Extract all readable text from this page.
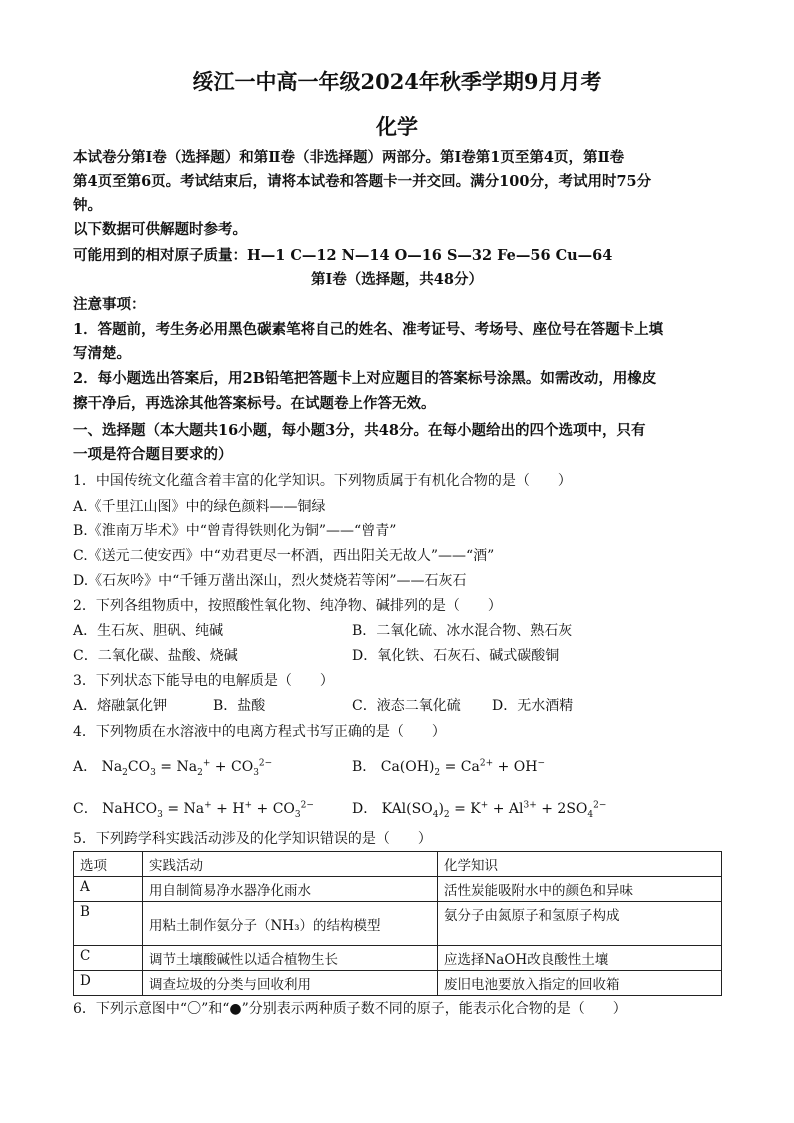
绥江一中高一年级2024年秋季学期9月月考
化学
本试卷分第Ⅰ卷（选择题）和第Ⅱ卷（非选择题）两部分。第Ⅰ卷第1页至第4页，第Ⅱ卷
第4页至第6页。考试结束后，请将本试卷和答题卡一并交回。满分100分，考试用时75分
钟。
以下数据可供解题时参考。
可能用到的相对原子质量：H—1 C—12 N—14 O—16 S—32 Fe—56 Cu—64
第Ⅰ卷（选择题，共48分）
注意事项：
1．答题前，考生务必用黑色碳素笔将自己的姓名、准考证号、考场号、座位号在答题卡上填
写清楚。
2．每小题选出答案后，用2B铅笔把答题卡上对应题目的答案标号涂黑。如需改动，用橡皮
擦干净后，再选涂其他答案标号。在试题卷上作答无效。
一、选择题（本大题共16小题，每小题3分，共48分。在每小题给出的四个选项中，只有
一项是符合题目要求的）
1．中国传统文化蕴含着丰富的化学知识。下列物质属于有机化合物的是（　　）
A.《千里江山图》中的绿色颜料——铜绿
B.《淮南万毕术》中“曾青得铁则化为铜”——“曾青”
C.《送元二使安西》中“劝君更尽一杯酒，西出阳关无故人”——“酒”
D.《石灰吟》中“千锤万凿出深山，烈火焚烧若等闲”——石灰石
2．下列各组物质中，按照酸性氧化物、纯净物、碱排列的是（　　）
A．生石灰、胆矾、纯碱	B．二氧化硫、冰水混合物、熟石灰
C．二氧化碳、盐酸、烧碱	D．氧化铁、石灰石、碱式碳酸铜
3．下列状态下能导电的电解质是（　　）
A．熔融氯化钾	B．盐酸	C．液态二氧化硫 D．无水酒精
4．下列物质在水溶液中的电离方程式书写正确的是（　　）
A． $Na_2CO_3 = Na_2^+ + CO_3^{2-}$	B． $Ca(OH)_2 = Ca^{2+} + OH^-$
C． NaHCO$_3$ = $Na^+ + H^+ + CO_3^{2-}$	D． $KAl(SO_4)_2 = K^+ + Al^{3+} + 2SO_4^{2-}$
5．下列跨学科实践活动涉及的化学知识错误的是（　　）
选项	实践活动	化学知识
A	用自制简易净水器净化雨水	活性炭能吸附水中的颜色和异味
B	用粘土制作氨分子（NH₃）的结构模型	氨分子由氮原子和氢原子构成
C	调节土壤酸碱性以适合植物生长	应选择NaOH改良酸性土壤
D	调查垃圾的分类与回收利用	废旧电池要放入指定的回收箱
6．下列示意图中“〇”和“●”分别表示两种质子数不同的原子，能表示化合物的是（　　）
